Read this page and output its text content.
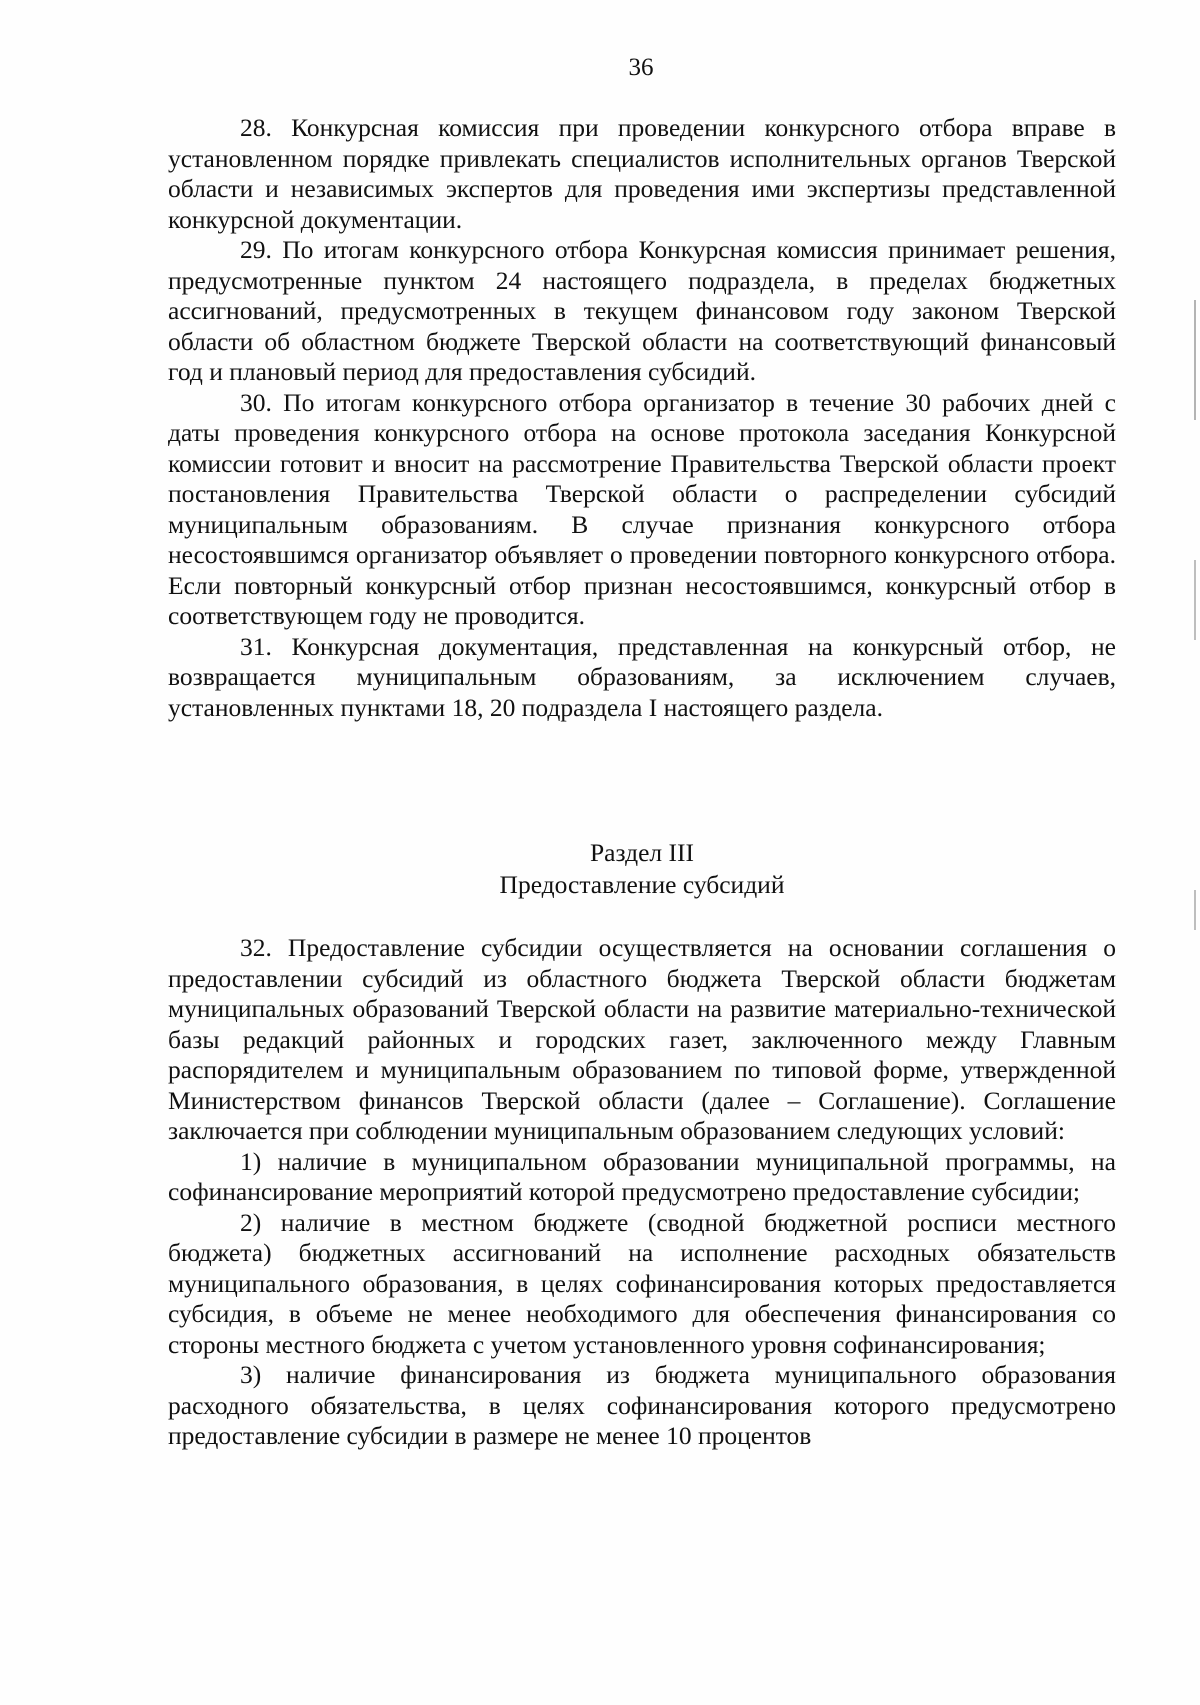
36

28. Конкурсная комиссия при проведении конкурсного отбора вправе в установленном порядке привлекать специалистов исполнительных органов Тверской области и независимых экспертов для проведения ими экспертизы представленной конкурсной документации.

29. По итогам конкурсного отбора Конкурсная комиссия принимает решения, предусмотренные пунктом 24 настоящего подраздела, в пределах бюджетных ассигнований, предусмотренных в текущем финансовом году законом Тверской области об областном бюджете Тверской области на соответствующий финансовый год и плановый период для предоставления субсидий.

30. По итогам конкурсного отбора организатор в течение 30 рабочих дней с даты проведения конкурсного отбора на основе протокола заседания Конкурсной комиссии готовит и вносит на рассмотрение Правительства Тверской области проект постановления Правительства Тверской области о распределении субсидий муниципальным образованиям. В случае признания конкурсного отбора несостоявшимся организатор объявляет о проведении повторного конкурсного отбора. Если повторный конкурсный отбор признан несостоявшимся, конкурсный отбор в соответствующем году не проводится.

31. Конкурсная документация, представленная на конкурсный отбор, не возвращается муниципальным образованиям, за исключением случаев, установленных пунктами 18, 20 подраздела I настоящего раздела.

Раздел III
Предоставление субсидий

32. Предоставление субсидии осуществляется на основании соглашения о предоставлении субсидий из областного бюджета Тверской области бюджетам муниципальных образований Тверской области на развитие материально-технической базы редакций районных и городских газет, заключенного между Главным распорядителем и муниципальным образованием по типовой форме, утвержденной Министерством финансов Тверской области (далее – Соглашение). Соглашение заключается при соблюдении муниципальным образованием следующих условий:

1) наличие в муниципальном образовании муниципальной программы, на софинансирование мероприятий которой предусмотрено предоставление субсидии;

2) наличие в местном бюджете (сводной бюджетной росписи местного бюджета) бюджетных ассигнований на исполнение расходных обязательств муниципального образования, в целях софинансирования которых предоставляется субсидия, в объеме не менее необходимого для обеспечения финансирования со стороны местного бюджета с учетом установленного уровня софинансирования;

3) наличие финансирования из бюджета муниципального образования расходного обязательства, в целях софинансирования которого предусмотрено предоставление субсидии в размере не менее 10 процентов
